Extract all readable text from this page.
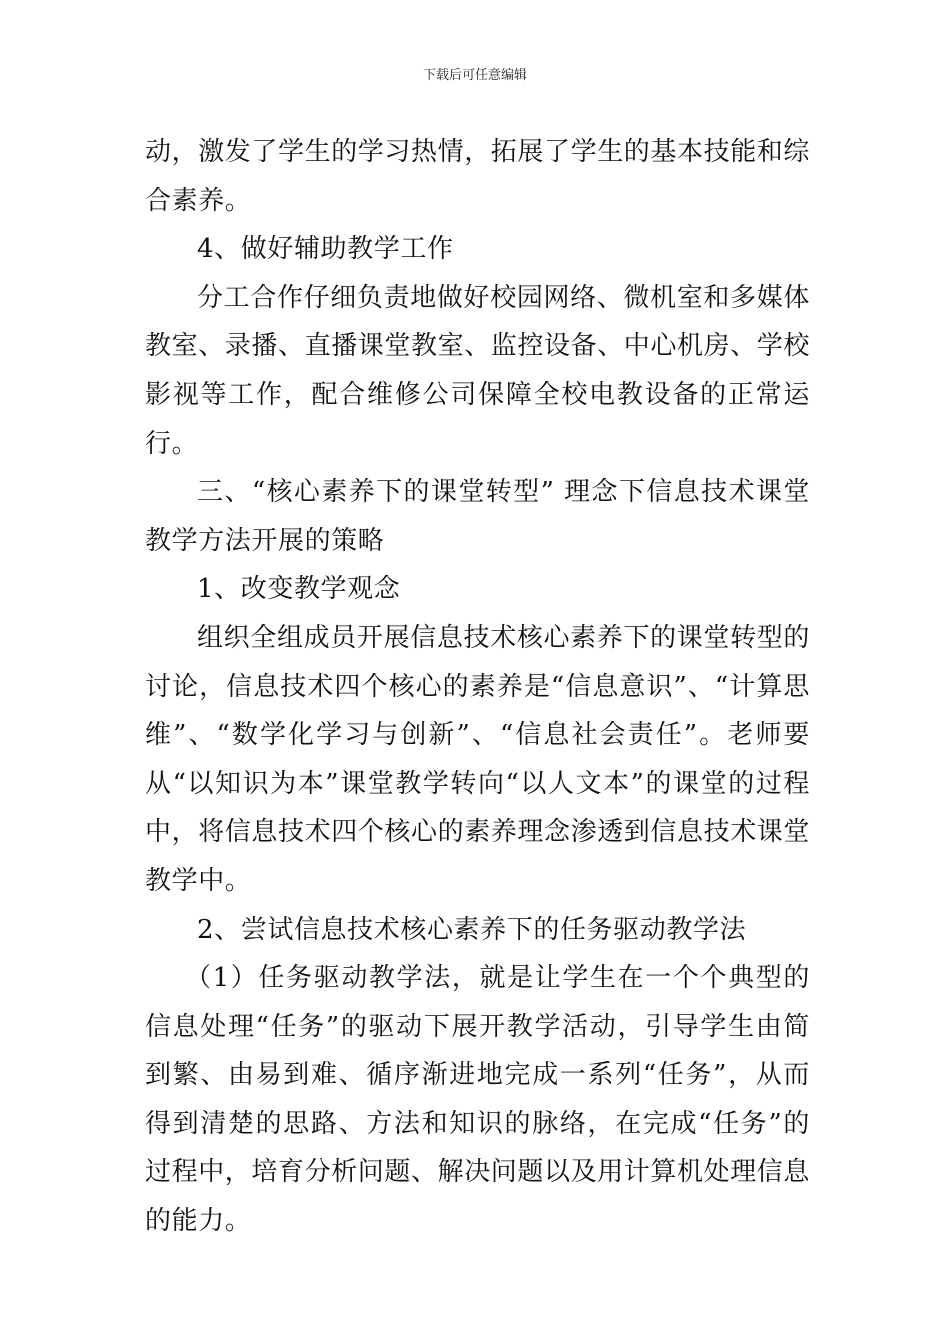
下载后可任意编辑

动，激发了学生的学习热情，拓展了学生的基本技能和综合素养。

4、做好辅助教学工作

分工合作仔细负责地做好校园网络、微机室和多媒体教室、录播、直播课堂教室、监控设备、中心机房、学校影视等工作，配合维修公司保障全校电教设备的正常运行。

三、“核心素养下的课堂转型” 理念下信息技术课堂教学方法开展的策略

1、改变教学观念

组织全组成员开展信息技术核心素养下的课堂转型的讨论，信息技术四个核心的素养是“信息意识”、“计算思维”、“数学化学习与创新”、“信息社会责任”。老师要从“以知识为本”课堂教学转向“以人文本”的课堂的过程中，将信息技术四个核心的素养理念渗透到信息技术课堂教学中。

2、尝试信息技术核心素养下的任务驱动教学法

（1）任务驱动教学法，就是让学生在一个个典型的信息处理“任务”的驱动下展开教学活动，引导学生由简到繁、由易到难、循序渐进地完成一系列“任务”，从而得到清楚的思路、方法和知识的脉络，在完成“任务”的过程中，培育分析问题、解决问题以及用计算机处理信息的能力。
